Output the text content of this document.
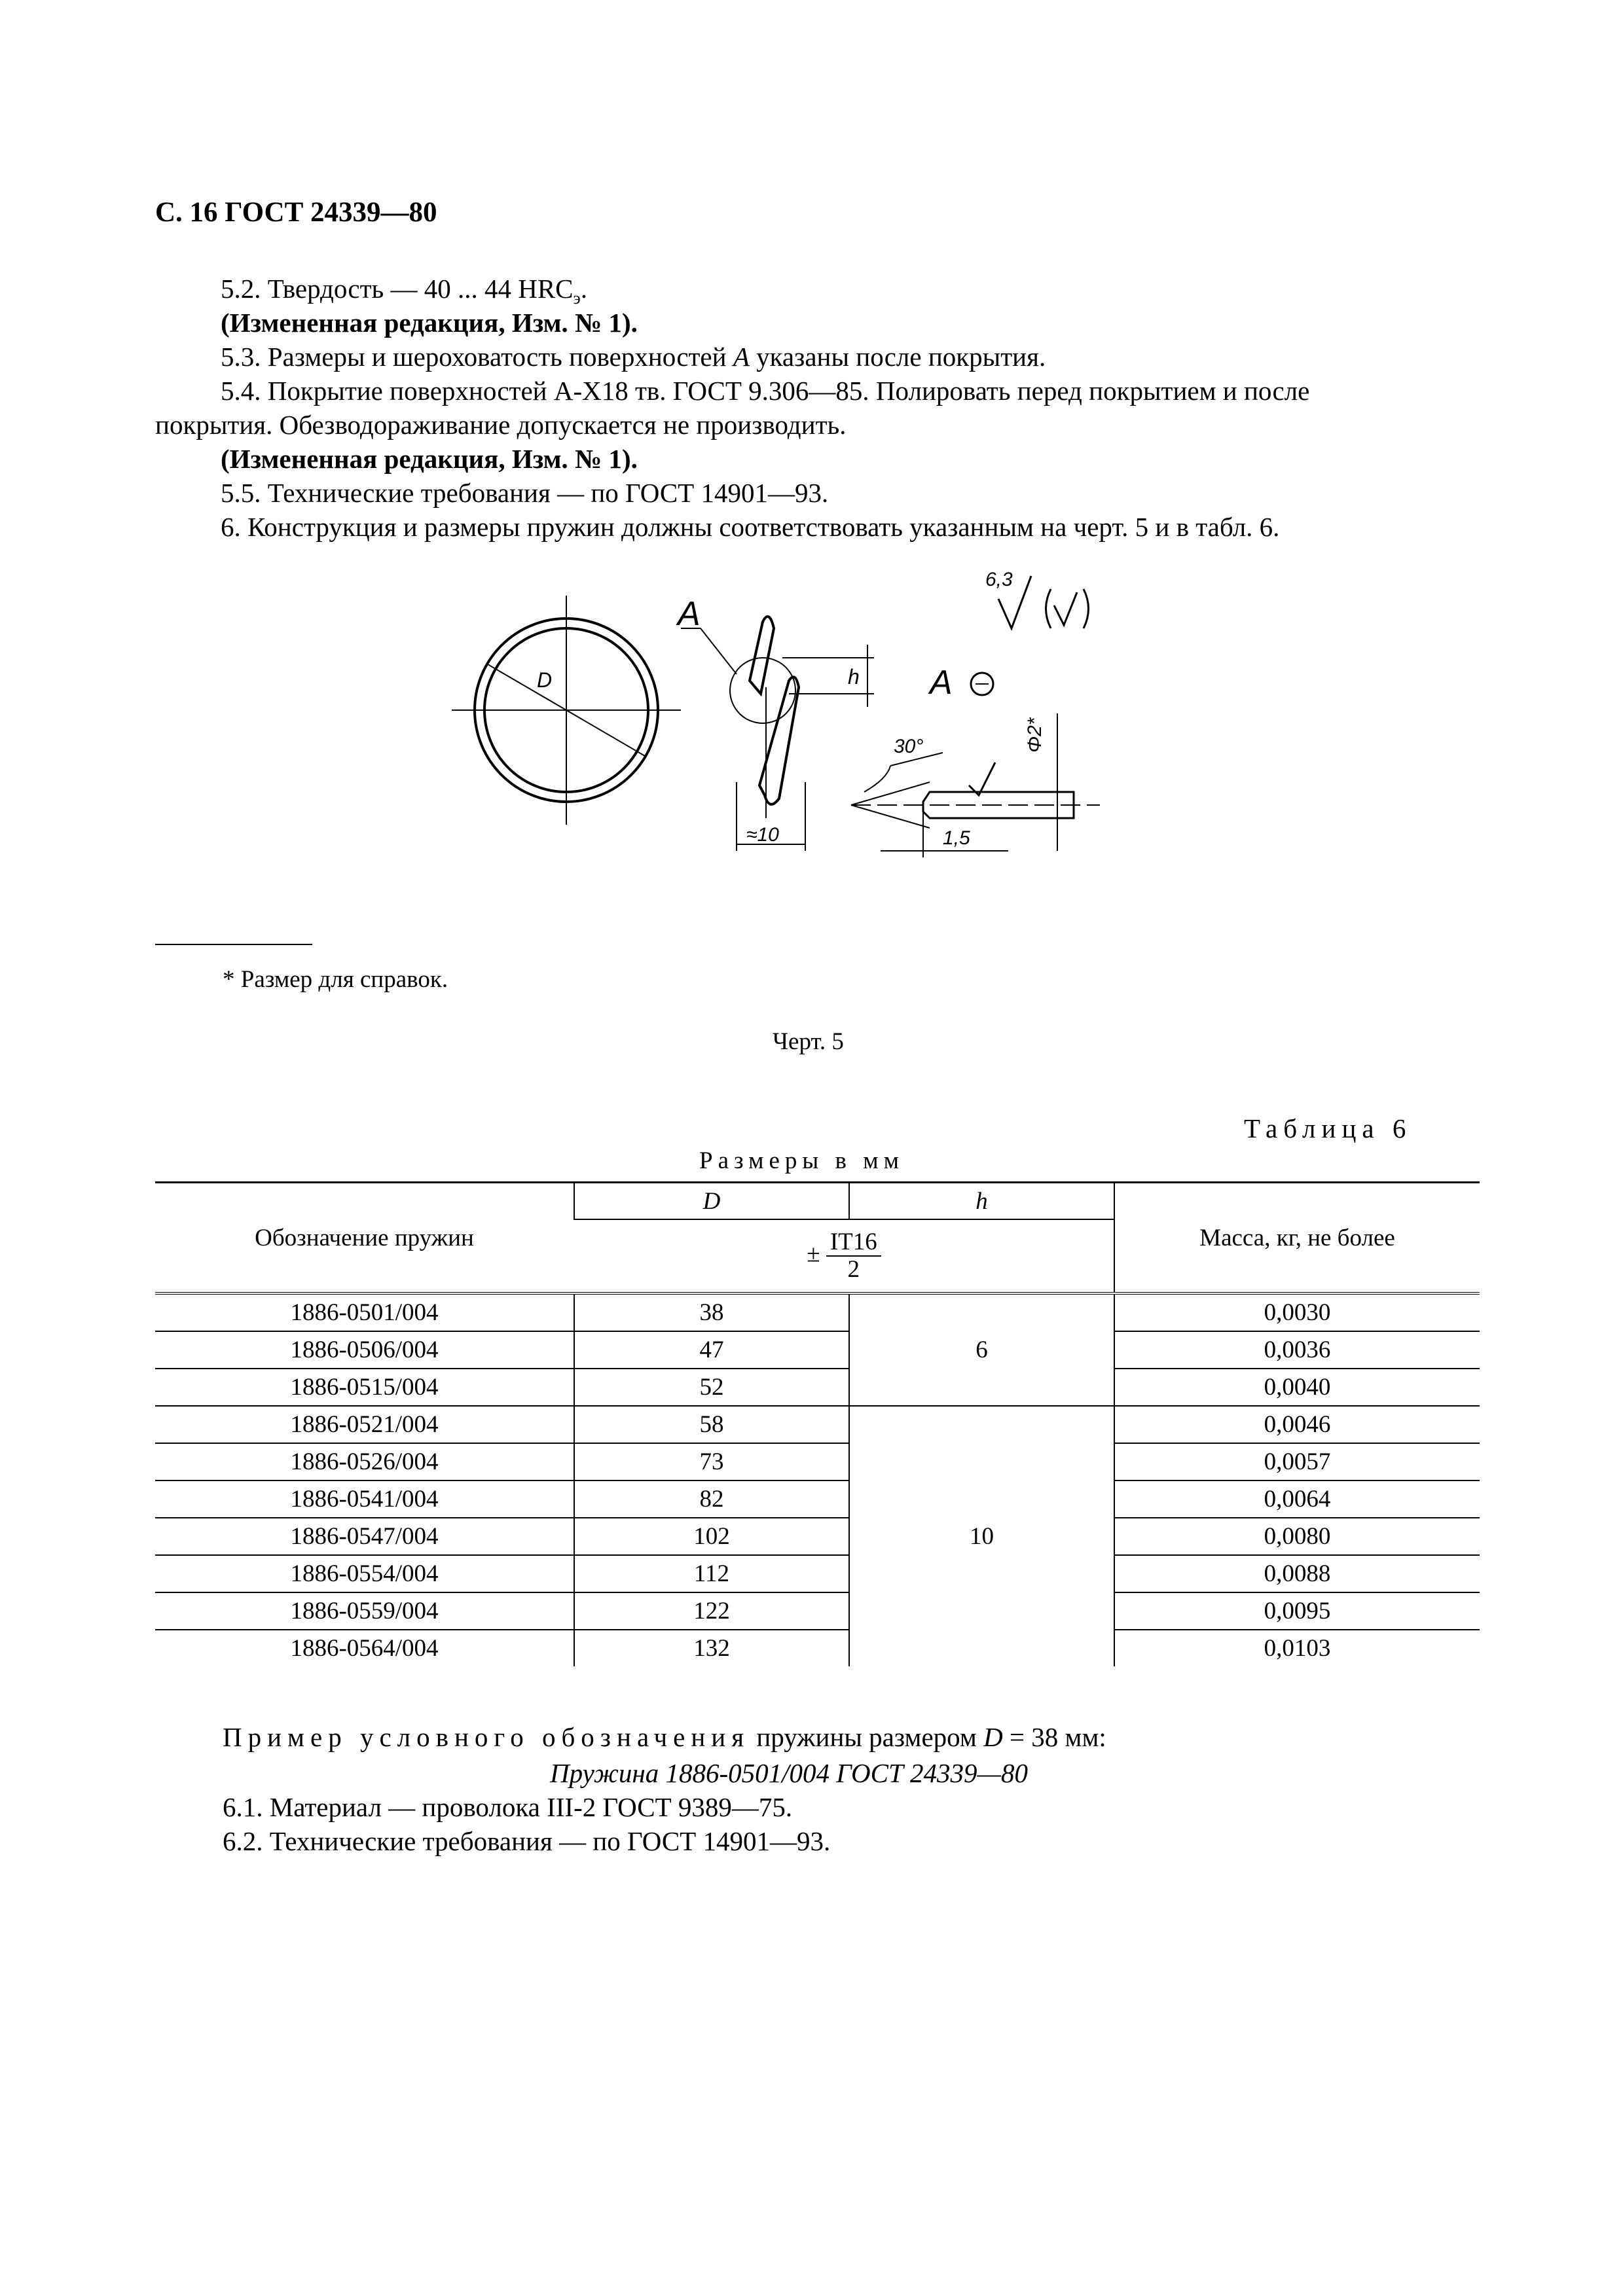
С. 16 ГОСТ 24339—80
5.2. Твердость — 40 ... 44 $HRC_э$.
(Измененная редакция, Изм. № 1).
5.3. Размеры и шероховатость поверхностей А указаны после покрытия.
5.4. Покрытие поверхностей А-Х18 тв. ГОСТ 9.306—85. Полировать перед покрытием и после
покрытия. Обезводораживание допускается не производить.
(Измененная редакция, Изм. № 1).
5.5. Технические требования — по ГОСТ 14901—93.
6. Конструкция и размеры пружин должны соответствовать указанным на черт. 5 и в табл. 6.
D
A
h A
6,3
30°
≈10	1,5
Φ2*
* Размер для справок.
Черт. 5
Таблица 6
Размеры в мм
Обозначение пружин	D	h	Масса, кг, не более
	± $\frac{IT16}{2}$

1886-0501/004	38	6	0,0030
1886-0506/004	47		0,0036
1886-0515/004	52		0,0040
1886-0521/004	58	10	0,0046
1886-0526/004	73		0,0057
1886-0541/004	82		0,0064
1886-0547/004	102		0,0080
1886-0554/004	112		0,0088
1886-0559/004	122		0,0095
1886-0564/004	132		0,0103
Пример условного обозначения пружины размером D = 38 мм:
Пружина 1886-0501/004 ГОСТ 24339—80
6.1. Материал — проволока III-2 ГОСТ 9389—75.
6.2. Технические требования — по ГОСТ 14901—93.
